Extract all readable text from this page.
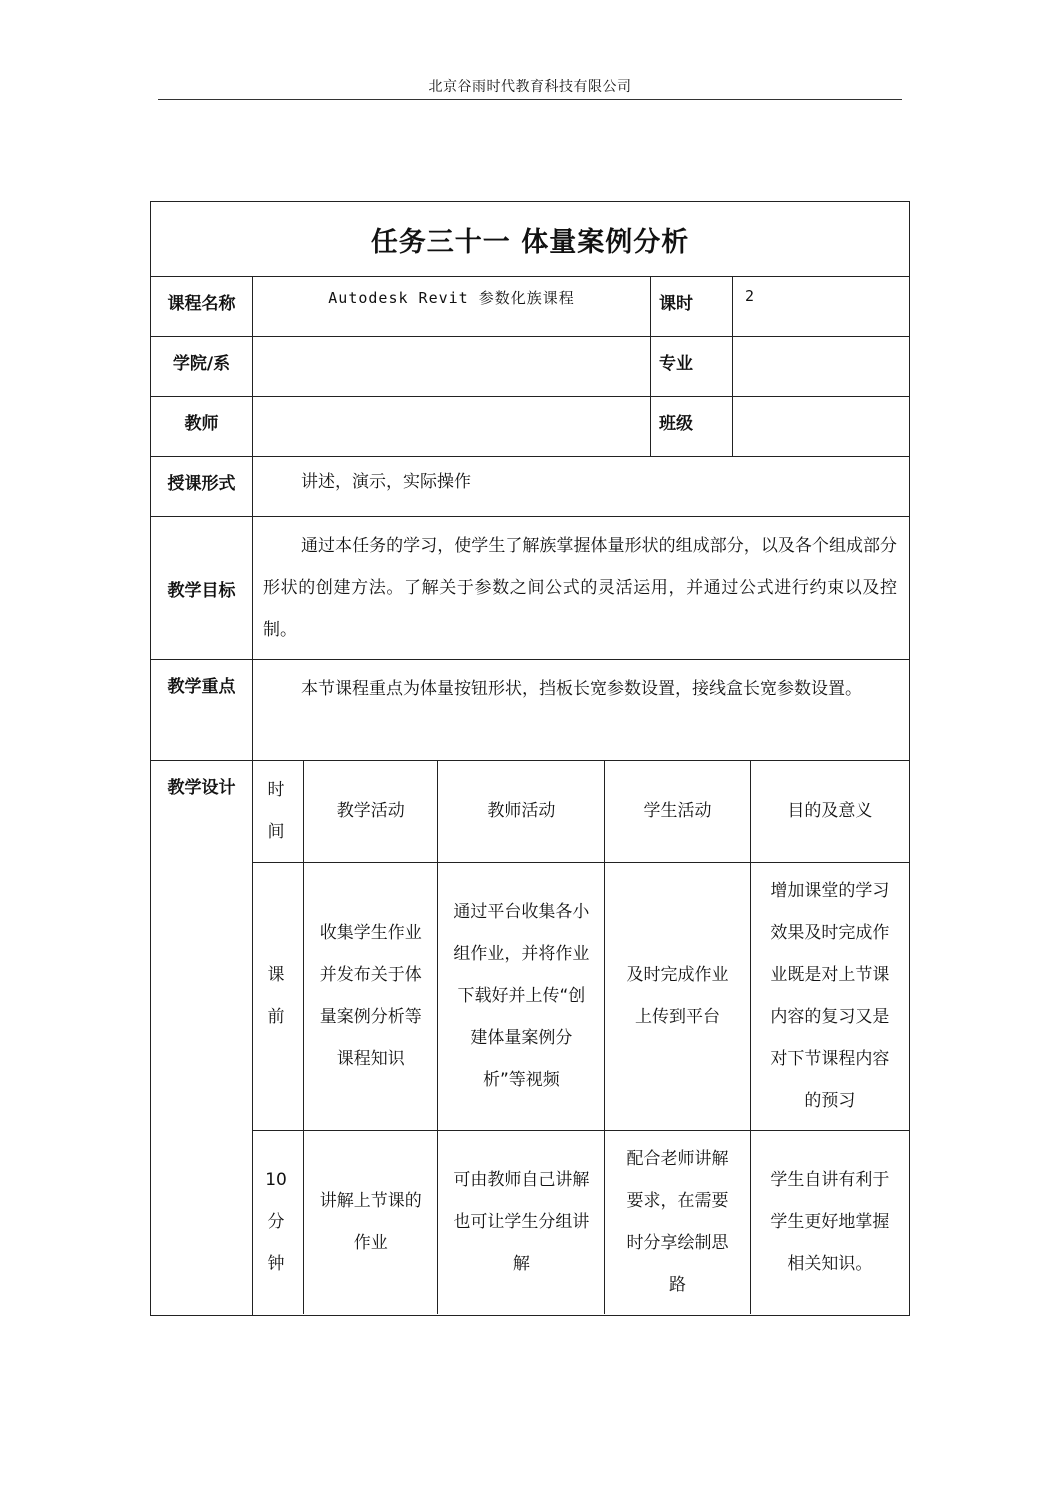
北京谷雨时代教育科技有限公司
任务三十一 体量案例分析
课程名称	Autodesk Revit 参数化族课程	课时	2
学院/系		专业	
教师		班级	
授课形式	讲述，演示，实际操作
教学目标	通过本任务的学习，使学生了解族掌握体量形状的组成部分，以及各个组成部分形状的创建方法。了解关于参数之间公式的灵活运用，并通过公式进行约束以及控制。
教学重点	本节课程重点为体量按钮形状，挡板长宽参数设置，接线盒长宽参数设置。
教学设计	时间	教学活动	教师活动	学生活动	目的及意义
课前	收集学生作业并发布关于体量案例分析等课程知识	通过平台收集各小组作业，并将作业下载好并上传“创建体量案例分析”等视频	及时完成作业上传到平台	增加课堂的学习效果及时完成作业既是对上节课内容的复习又是对下节课程内容的预习
10分钟	讲解上节课的作业	可由教师自己讲解也可让学生分组讲解	配合老师讲解要求，在需要时分享绘制思路	学生自讲有利于学生更好地掌握相关知识。
